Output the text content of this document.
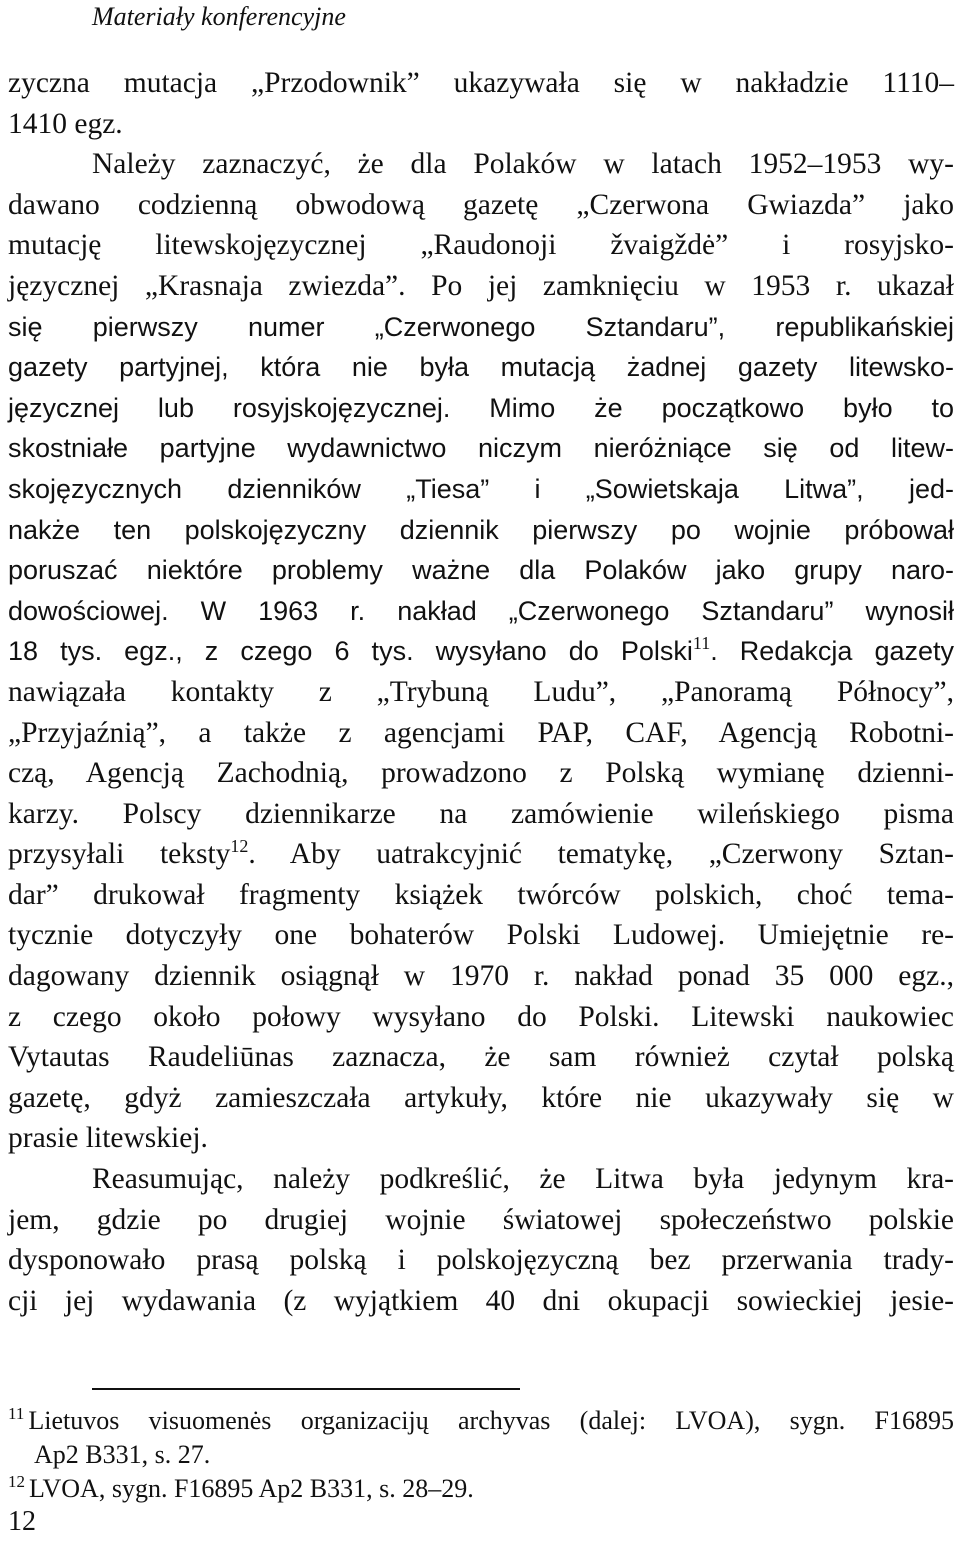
Materiały konferencyjne
zyczna mutacja „Przodownik” ukazywała się w nakładzie 1110–
1410 egz.
Należy zaznaczyć, że dla Polaków w latach 1952–1953 wy-
dawano codzienną obwodową gazetę „Czerwona Gwiazda” jako
mutację litewskojęzycznej „Raudonoji žvaigždė” i rosyjsko-
języcznej „Krasnaja zwiezda”. Po jej zamknięciu w 1953 r. ukazał
się pierwszy numer „Czerwonego Sztandaru”, republikańskiej
gazety partyjnej, która nie była mutacją żadnej gazety litewsko-
języcznej lub rosyjskojęzycznej. Mimo że początkowo było to
skostniałe partyjne wydawnictwo niczym nieróżniące się od litew-
skojęzycznych dzienników „Tiesa” i „Sowietskaja Litwa”, jed-
nakże ten polskojęzyczny dziennik pierwszy po wojnie próbował
poruszać niektóre problemy ważne dla Polaków jako grupy naro-
dowościowej. W 1963 r. nakład „Czerwonego Sztandaru” wynosił
18 tys. egz., z czego 6 tys. wysyłano do Polski$^{11}$. Redakcja gazety
nawiązała kontakty z „Trybuną Ludu”, „Panoramą Północy”,
„Przyjaźnią”, a także z agencjami PAP, CAF, Agencją Robotni-
czą, Agencją Zachodnią, prowadzono z Polską wymianę dzienni-
karzy. Polscy dziennikarze na zamówienie wileńskiego pisma
przysyłali teksty$^{12}$. Aby uatrakcyjnić tematykę, „Czerwony Sztan-
dar” drukował fragmenty książek twórców polskich, choć tema-
tycznie dotyczyły one bohaterów Polski Ludowej. Umiejętnie re-
dagowany dziennik osiągnął w 1970 r. nakład ponad 35 000 egz.,
z czego około połowy wysyłano do Polski. Litewski naukowiec
Vytautas Raudeliūnas zaznacza, że sam również czytał polską
gazetę, gdyż zamieszczała artykuły, które nie ukazywały się w
prasie litewskiej.
Reasumując, należy podkreślić, że Litwa była jedynym kra-
jem, gdzie po drugiej wojnie światowej społeczeństwo polskie
dysponowało prasą polską i polskojęzyczną bez przerwania trady-
cji jej wydawania (z wyjątkiem 40 dni okupacji sowieckiej jesie-
$^{11}$ Lietuvos visuomenės organizacijų archyvas (dalej: LVOA), sygn. F16895
Ap2 B331, s. 27.
$^{12}$ LVOA, sygn. F16895 Ap2 B331, s. 28–29.
12
